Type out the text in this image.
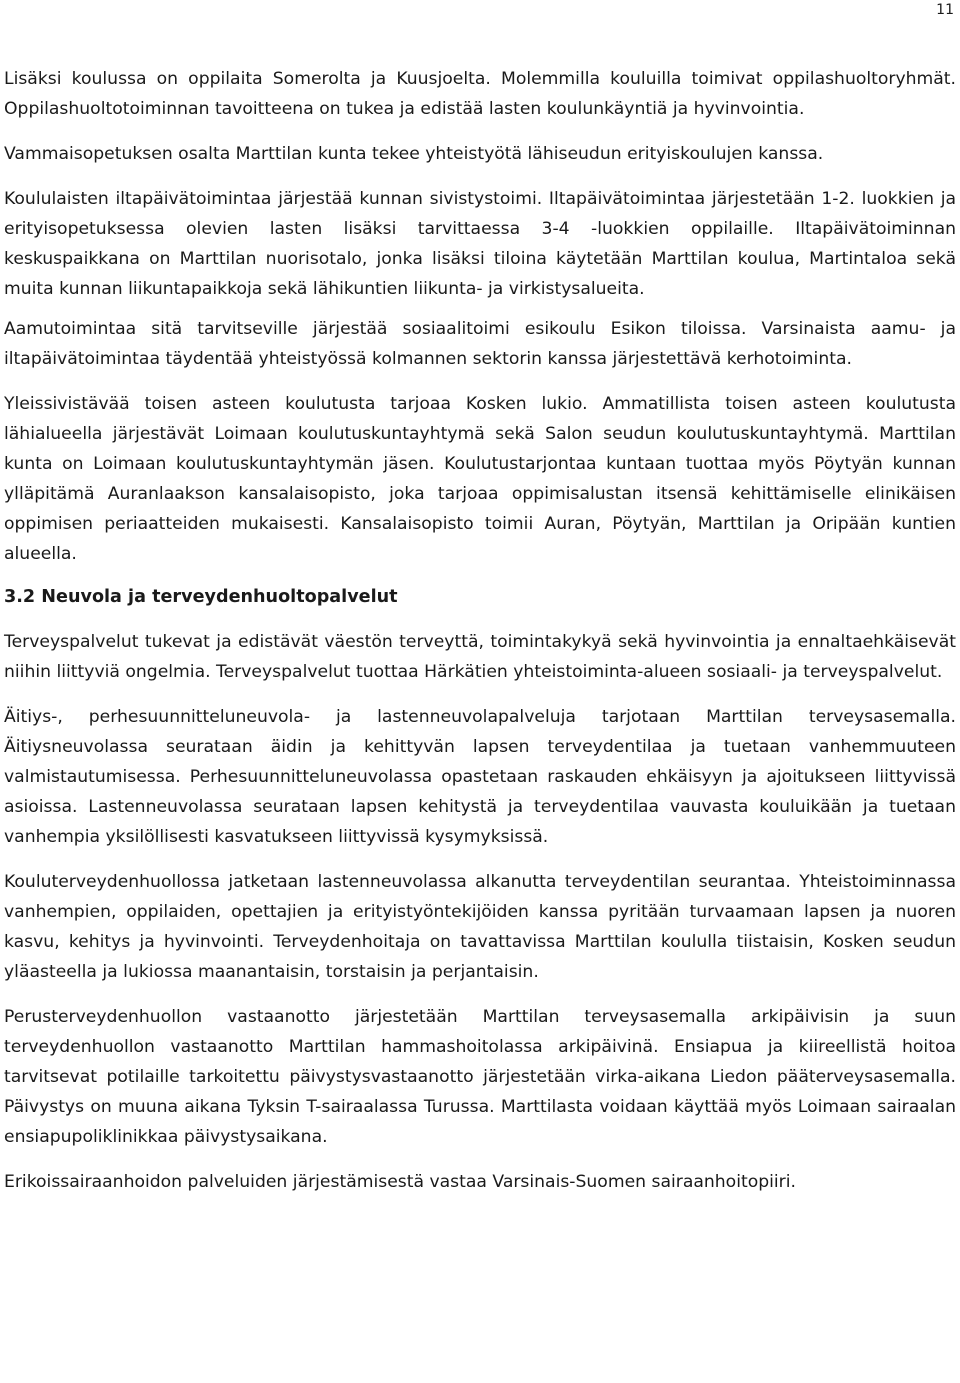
11

Lisäksi koulussa on oppilaita Somerolta ja Kuusjoelta. Molemmilla kouluilla toimivat oppilashuoltoryhmät. Oppilashuoltotoiminnan tavoitteena on tukea ja edistää lasten koulunkäyntiä ja hyvinvointia.

Vammaisopetuksen osalta Marttilan kunta tekee yhteistyötä lähiseudun erityiskoulujen kanssa.

Koululaisten iltapäivätoimintaa järjestää kunnan sivistystoimi. Iltapäivätoimintaa järjestetään 1-2. luokkien ja erityisopetuksessa olevien lasten lisäksi tarvittaessa 3-4 -luokkien oppilaille. Iltapäivätoiminnan keskuspaikkana on Marttilan nuorisotalo, jonka lisäksi tiloina käytetään Marttilan koulua, Martintaloa sekä muita kunnan liikuntapaikkoja sekä lähikuntien liikunta- ja virkistysalueita.

Aamutoimintaa sitä tarvitseville järjestää sosiaalitoimi esikoulu Esikon tiloissa. Varsinaista aamu- ja iltapäivätoimintaa täydentää yhteistyössä kolmannen sektorin kanssa järjestettävä kerhotoiminta.

Yleissivistävää toisen asteen koulutusta tarjoaa Kosken lukio. Ammatillista toisen asteen koulutusta lähialueella järjestävät Loimaan koulutuskuntayhtymä sekä Salon seudun koulutuskuntayhtymä. Marttilan kunta on Loimaan koulutuskuntayhtymän jäsen. Koulutustarjontaa kuntaan tuottaa myös Pöytyän kunnan ylläpitämä Auranlaakson kansalaisopisto, joka tarjoaa oppimisalustan itsensä kehittämiselle elinikäisen oppimisen periaatteiden mukaisesti. Kansalaisopisto toimii Auran, Pöytyän, Marttilan ja Oripään kuntien alueella.

3.2 Neuvola ja terveydenhuoltopalvelut

Terveyspalvelut tukevat ja edistävät väestön terveyttä, toimintakykyä sekä hyvinvointia ja ennaltaehkäisevät niihin liittyviä ongelmia. Terveyspalvelut tuottaa Härkätien yhteistoiminta-alueen sosiaali- ja terveyspalvelut.

Äitiys-, perhesuunnitteluneuvola- ja lastenneuvolapalveluja tarjotaan Marttilan terveysasemalla. Äitiysneuvolassa seurataan äidin ja kehittyvän lapsen terveydentilaa ja tuetaan vanhemmuuteen valmistautumisessa. Perhesuunnitteluneuvolassa opastetaan raskauden ehkäisyyn ja ajoitukseen liittyvissä asioissa. Lastenneuvolassa seurataan lapsen kehitystä ja terveydentilaa vauvasta kouluikään ja tuetaan vanhempia yksilöllisesti kasvatukseen liittyvissä kysymyksissä.

Kouluterveydenhuollossa jatketaan lastenneuvolassa alkanutta terveydentilan seurantaa. Yhteistoiminnassa vanhempien, oppilaiden, opettajien ja erityistyöntekijöiden kanssa pyritään turvaamaan lapsen ja nuoren kasvu, kehitys ja hyvinvointi. Terveydenhoitaja on tavattavissa Marttilan koululla tiistaisin, Kosken seudun yläasteella ja lukiossa maanantaisin, torstaisin ja perjantaisin.

Perusterveydenhuollon vastaanotto järjestetään Marttilan terveysasemalla arkipäivisin ja suun terveydenhuollon vastaanotto Marttilan hammashoitolassa arkipäivinä. Ensiapua ja kiireellistä hoitoa tarvitsevat potilaille tarkoitettu päivystysvastaanotto järjestetään virka-aikana Liedon pääterveysasemalla. Päivystys on muuna aikana Tyksin T-sairaalassa Turussa. Marttilasta voidaan käyttää myös Loimaan sairaalan ensiapupoliklinikkaa päivystysaikana.

Erikoissairaanhoidon palveluiden järjestämisestä vastaa Varsinais-Suomen sairaanhoitopiiri.
